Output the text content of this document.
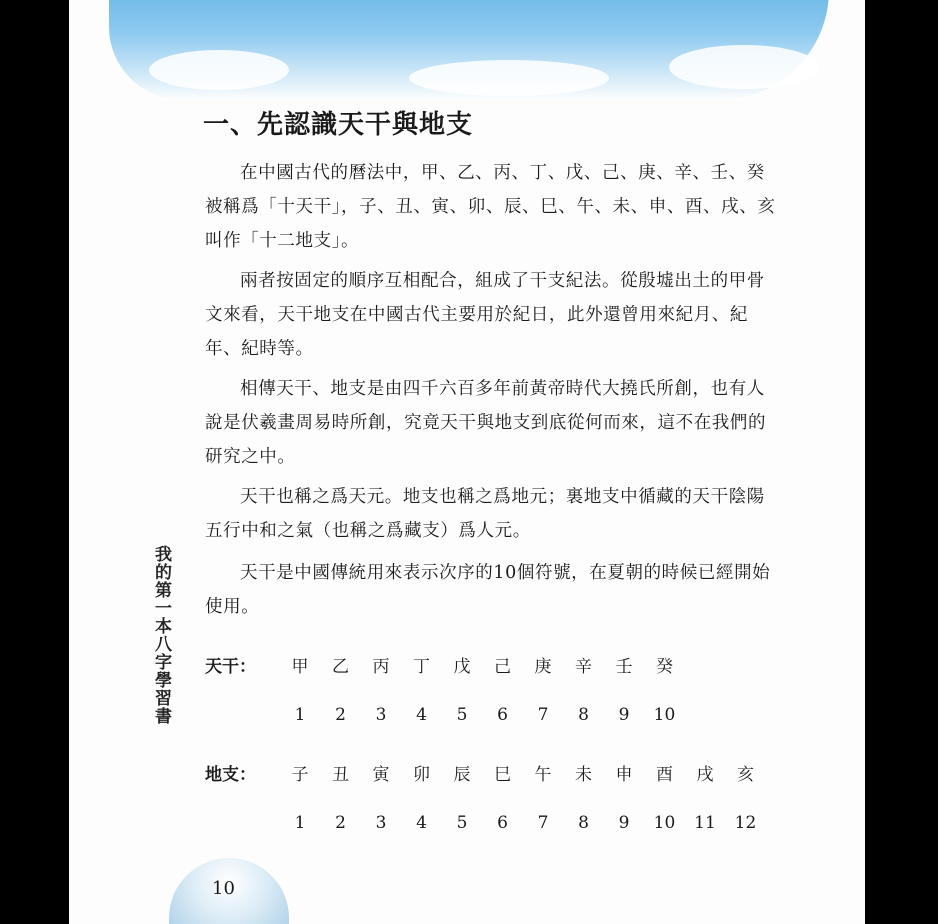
一、先認識天干與地支
在中國古代的曆法中，甲、乙、丙、丁、戊、己、庚、辛、壬、癸被稱爲「十天干」，子、丑、寅、卯、辰、巳、午、未、申、酉、戌、亥叫作「十二地支」。
兩者按固定的順序互相配合，組成了干支紀法。從殷墟出土的甲骨文來看，天干地支在中國古代主要用於紀日，此外還曾用來紀月、紀年、紀時等。
相傳天干、地支是由四千六百多年前黃帝時代大撓氏所創，也有人說是伏羲畫周易時所創，究竟天干與地支到底從何而來，這不在我們的研究之中。
天干也稱之爲天元。地支也稱之爲地元；裏地支中循藏的天干陰陽五行中和之氣（也稱之爲藏支）爲人元。
天干是中國傳統用來表示次序的10個符號，在夏朝的時候已經開始使用。
我的第一本八字學習書 天干：	甲	乙	丙	丁	戊	己	庚	辛	壬	癸
1	2	3	4	5	6	7	8	9	10
地支：	子	丑	寅	卯	辰	巳	午	未	申	酉	戌	亥
1	2	3	4	5	6	7	8	9	10 11 12
10
